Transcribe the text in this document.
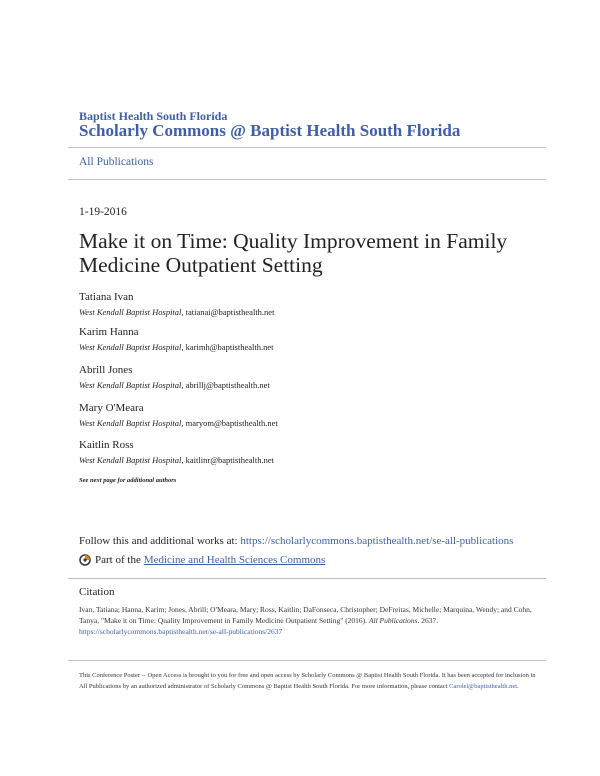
Baptist Health South Florida
Scholarly Commons @ Baptist Health South Florida
All Publications
1-19-2016
Make it on Time: Quality Improvement in Family Medicine Outpatient Setting
Tatiana Ivan
West Kendall Baptist Hospital, tatianai@baptisthealth.net
Karim Hanna
West Kendall Baptist Hospital, karimh@baptisthealth.net
Abrill Jones
West Kendall Baptist Hospital, abrillj@baptisthealth.net
Mary O'Meara
West Kendall Baptist Hospital, maryom@baptisthealth.net
Kaitlin Ross
West Kendall Baptist Hospital, kaitlinr@baptisthealth.net
See next page for additional authors
Follow this and additional works at: https://scholarlycommons.baptisthealth.net/se-all-publications
Part of the Medicine and Health Sciences Commons
Citation
Ivan, Tatiana; Hanna, Karim; Jones, Abrill; O'Meara, Mary; Ross, Kaitlin; DaFonseca, Christopher; DeFreitas, Michelle; Marquina, Wendy; and Cohn, Tanya, "Make it on Time: Quality Improvement in Family Medicine Outpatient Setting" (2016). All Publications. 2637.
https://scholarlycommons.baptisthealth.net/se-all-publications/2637
This Conference Poster -- Open Access is brought to you for free and open access by Scholarly Commons @ Baptist Health South Florida. It has been accepted for inclusion in All Publications by an authorized administrator of Scholarly Commons @ Baptist Health South Florida. For more information, please contact Carolel@baptisthealth.net.
